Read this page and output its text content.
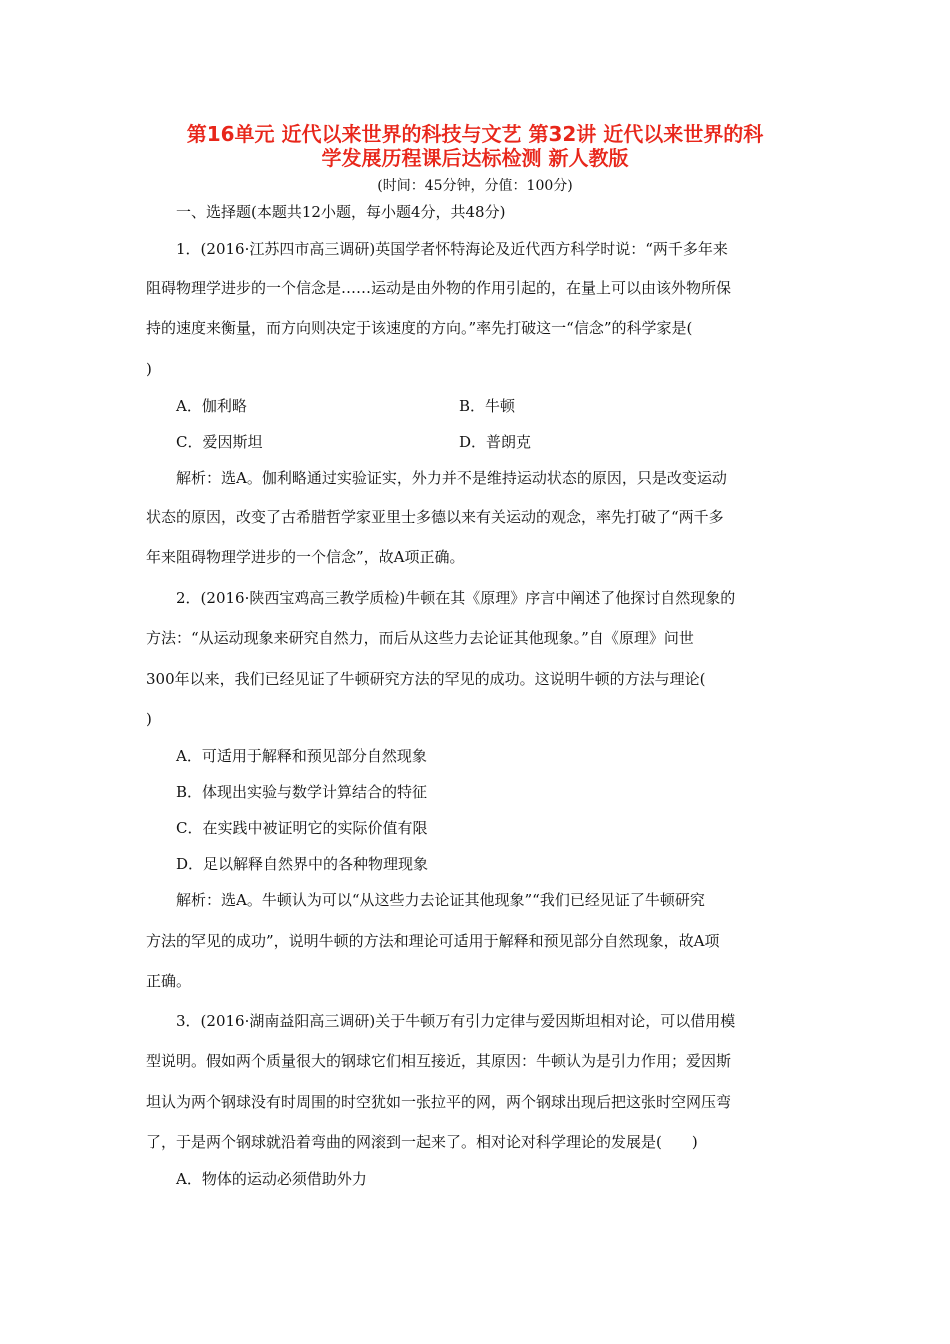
第16单元 近代以来世界的科技与文艺 第32讲 近代以来世界的科
学发展历程课后达标检测 新人教版
(时间：45分钟，分值：100分)
一、选择题(本题共12小题，每小题4分，共48分)
1．(2016·江苏四市高三调研)英国学者怀特海论及近代西方科学时说：“两千多年来
阻碍物理学进步的一个信念是……运动是由外物的作用引起的，在量上可以由该外物所保
持的速度来衡量，而方向则决定于该速度的方向。”率先打破这一“信念”的科学家是(
)
A．伽利略	B．牛顿
C．爱因斯坦	D．普朗克
解析：选A。伽利略通过实验证实，外力并不是维持运动状态的原因，只是改变运动
状态的原因，改变了古希腊哲学家亚里士多德以来有关运动的观念，率先打破了“两千多
年来阻碍物理学进步的一个信念”，故A项正确。
2．(2016·陕西宝鸡高三教学质检)牛顿在其《原理》序言中阐述了他探讨自然现象的
方法：“从运动现象来研究自然力，而后从这些力去论证其他现象。”自《原理》问世
300年以来，我们已经见证了牛顿研究方法的罕见的成功。这说明牛顿的方法与理论(
)
A．可适用于解释和预见部分自然现象
B．体现出实验与数学计算结合的特征
C．在实践中被证明它的实际价值有限
D．足以解释自然界中的各种物理现象
解析：选A。牛顿认为可以“从这些力去论证其他现象”“我们已经见证了牛顿研究
方法的罕见的成功”，说明牛顿的方法和理论可适用于解释和预见部分自然现象，故A项
正确。
3．(2016·湖南益阳高三调研)关于牛顿万有引力定律与爱因斯坦相对论，可以借用模
型说明。假如两个质量很大的钢球它们相互接近，其原因：牛顿认为是引力作用；爱因斯
坦认为两个钢球没有时周围的时空犹如一张拉平的网，两个钢球出现后把这张时空网压弯
了，于是两个钢球就沿着弯曲的网滚到一起来了。相对论对科学理论的发展是(　　)
A．物体的运动必须借助外力
